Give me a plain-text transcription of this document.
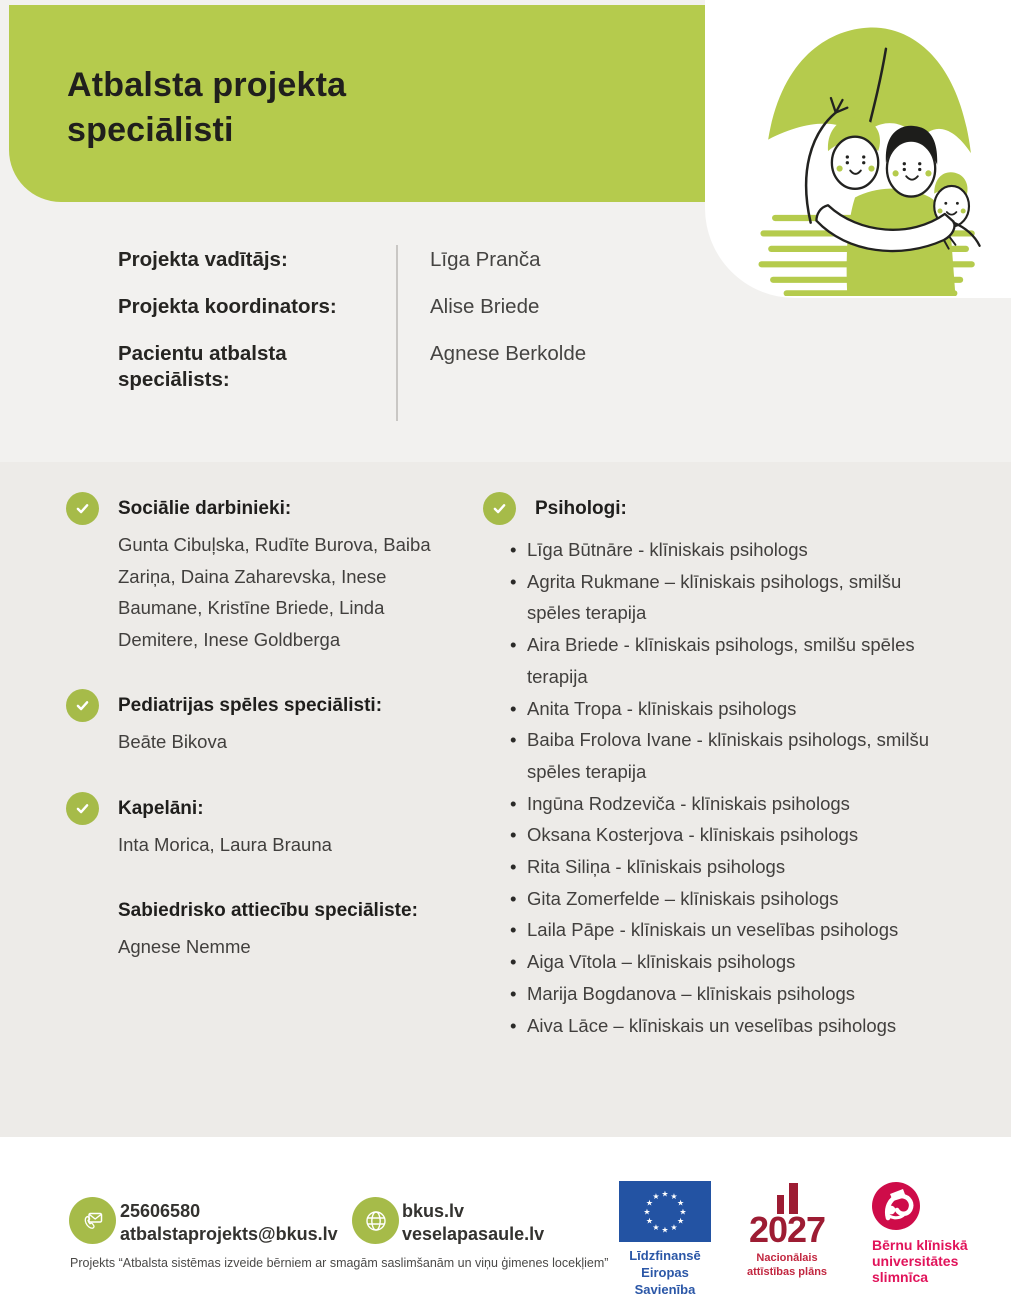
Atbalsta projekta speciālisti
Projekta vadītājs:	Līga Pranča
Projekta koordinators:	Alise Briede
Pacientu atbalsta speciālists:
Agnese Berkolde
Sociālie darbinieki:
Gunta Cibuļska, Rudīte Burova, Baiba Zariņa, Daina Zaharevska, Inese Baumane, Kristīne Briede, Linda Demitere, Inese Goldberga
Pediatrijas spēles speciālisti:
Beāte Bikova
Kapelāni:
Inta Morica, Laura Brauna
Sabiedrisko attiecību speciāliste:
Agnese Nemme
Psihologi:
• Līga Būtnāre - klīniskais psihologs
• Agrita Rukmane – klīniskais psihologs, smilšu spēles terapija
• Aira Briede - klīniskais psihologs, smilšu spēles terapija
• Anita Tropa - klīniskais psihologs
• Baiba Frolova Ivane - klīniskais psihologs, smilšu spēles terapija
• Ingūna Rodzeviča - klīniskais psihologs
• Oksana Kosterjova - klīniskais psihologs
• Rita Siliņa - klīniskais psihologs
• Gita Zomerfelde – klīniskais psihologs
• Laila Pāpe - klīniskais un veselības psihologs
• Aiga Vītola – klīniskais psihologs
• Marija Bogdanova – klīniskais psihologs
• Aiva Lāce – klīniskais un veselības psihologs
25606580
atbalstaprojekts@bkus.lv
bkus.lv
veselapasaule.lv
Projekts “Atbalsta sistēmas izveide bērniem ar smagām saslimšanām un viņu ģimenes locekļiem”
★ ★
★
★
★
★
★
★
★
★
★
★
Līdzfinansē
Eiropas Savienība
2027
Nacionālais
attīstības plāns
Bērnu klīniskā
universitātes
slimnīca
